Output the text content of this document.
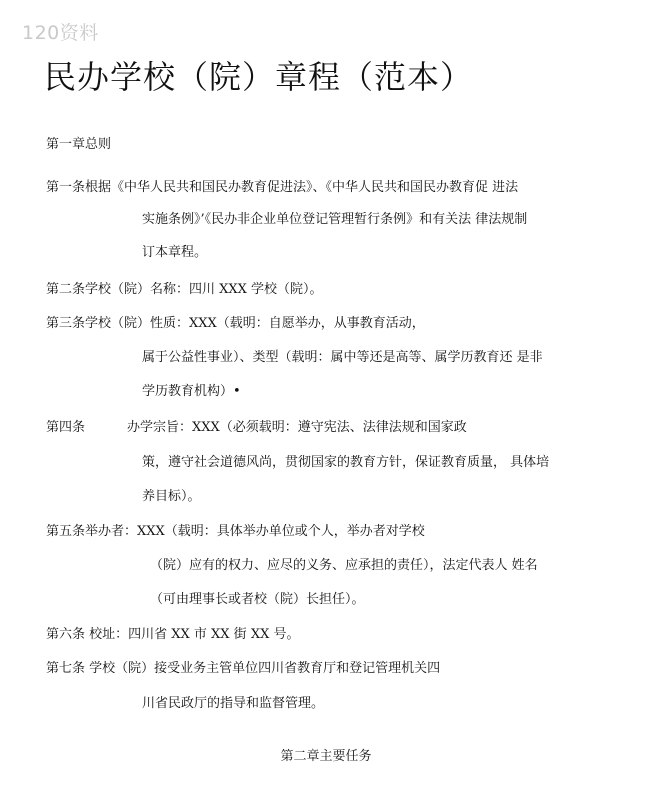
120资料
民办学校（院）章程（范本）
第一章总则
第一条根据《中华人民共和国民办教育促进法》、《中华人民共和国民办教育促 进法
实施条例》’《民办非企业单位登记管理暂行条例》和有关法 律法规制
订本章程。
第二条学校（院）名称：四川 XXX 学校（院）。
第三条学校（院）性质：XXX（载明：自愿举办，从事教育活动，
属于公益性事业）、类型（载明：属中等还是高等、属学历教育还 是非
学历教育机构）•
第四条	办学宗旨：XXX（必须载明：遵守宪法、法律法规和国家政
策，遵守社会道德风尚，贯彻国家的教育方针，保证教育质量， 具体培
养目标）。
第五条举办者：XXX（载明：具体举办单位或个人，举办者对学校
（院）应有的权力、应尽的义务、应承担的责任），法定代表人 姓名
（可由理事长或者校（院）长担任）。
第六条 校址：四川省 XX 市 XX 街 XX 号。
第七条 学校（院）接受业务主管单位四川省教育厅和登记管理机关四
川省民政厅的指导和监督管理。
第二章主要任务
